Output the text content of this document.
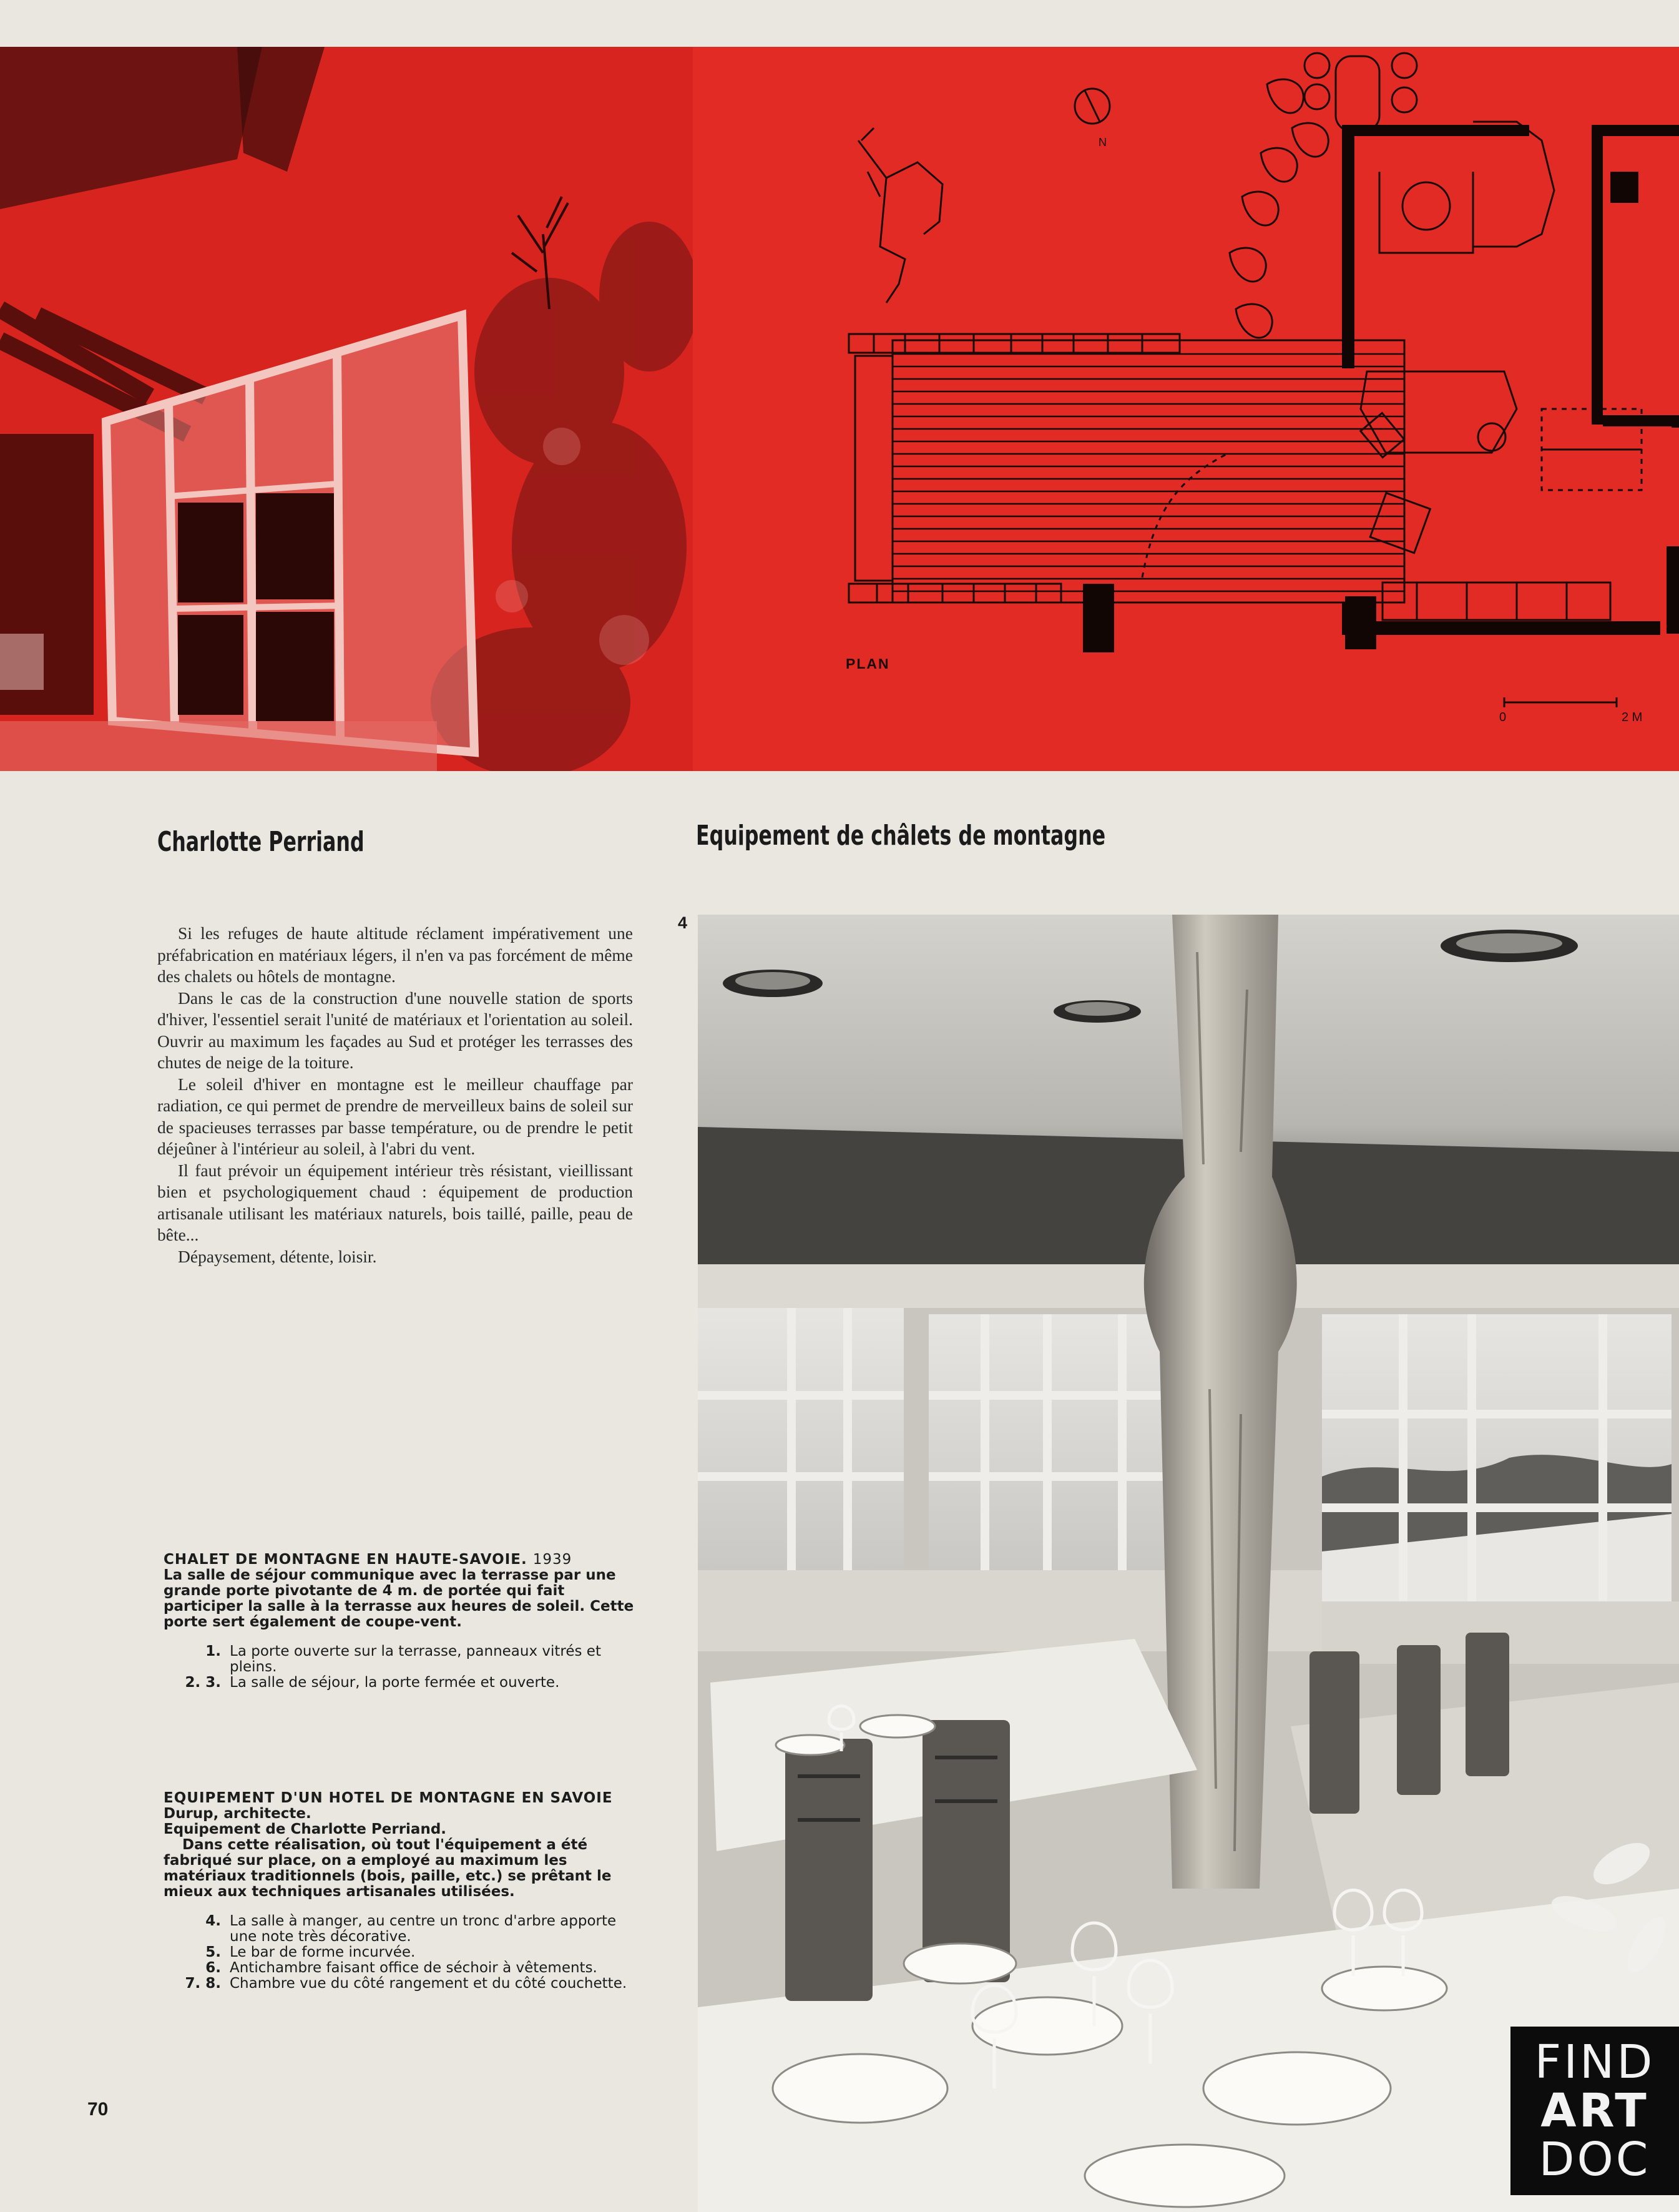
PLAN
N
0	2 M
Charlotte Perriand	Equipement de châlets de montagne

Si les refuges de haute altitude réclament impérativement une préfabrication en matériaux légers, il n'en va pas forcément de même des chalets ou hôtels de montagne.

Dans le cas de la construction d'une nouvelle station de sports d'hiver, l'essentiel serait l'unité de matériaux et l'orientation au soleil. Ouvrir au maximum les façades au Sud et protéger les terrasses des chutes de neige de la toiture.

Le soleil d'hiver en montagne est le meilleur chauffage par radiation, ce qui permet de prendre de merveilleux bains de soleil sur de spacieuses terrasses par basse température, ou de prendre le petit déjeûner à l'intérieur au soleil, à l'abri du vent.

Il faut prévoir un équipement intérieur très résistant, vieillissant bien et psychologiquement chaud : équipement de production artisanale utilisant les matériaux naturels, bois taillé, paille, peau de bête...

Dépaysement, détente, loisir.

CHALET DE MONTAGNE EN HAUTE-SAVOIE. 1939

La salle de séjour communique avec la terrasse par une grande porte pivotante de 4 m. de portée qui fait participer la salle à la terrasse aux heures de soleil. Cette porte sert également de coupe-vent.

1. La porte ouverte sur la terrasse, panneaux vitrés et pleins.
2. 3. La salle de séjour, la porte fermée et ouverte.
EQUIPEMENT D'UN HOTEL DE MONTAGNE EN SAVOIE

Durup, architecte.

Equipement de Charlotte Perriand.

Dans cette réalisation, où tout l'équipement a été fabriqué sur place, on a employé au maximum les matériaux traditionnels (bois, paille, etc.) se prêtant le mieux aux techniques artisanales utilisées.

4. La salle à manger, au centre un tronc d'arbre apporte une note très décorative.
5. Le bar de forme incurvée.
6. Antichambre faisant office de séchoir à vêtements.
7. 8. Chambre vue du côté rangement et du côté couchette.
4
70
FIND
ART
DOC
